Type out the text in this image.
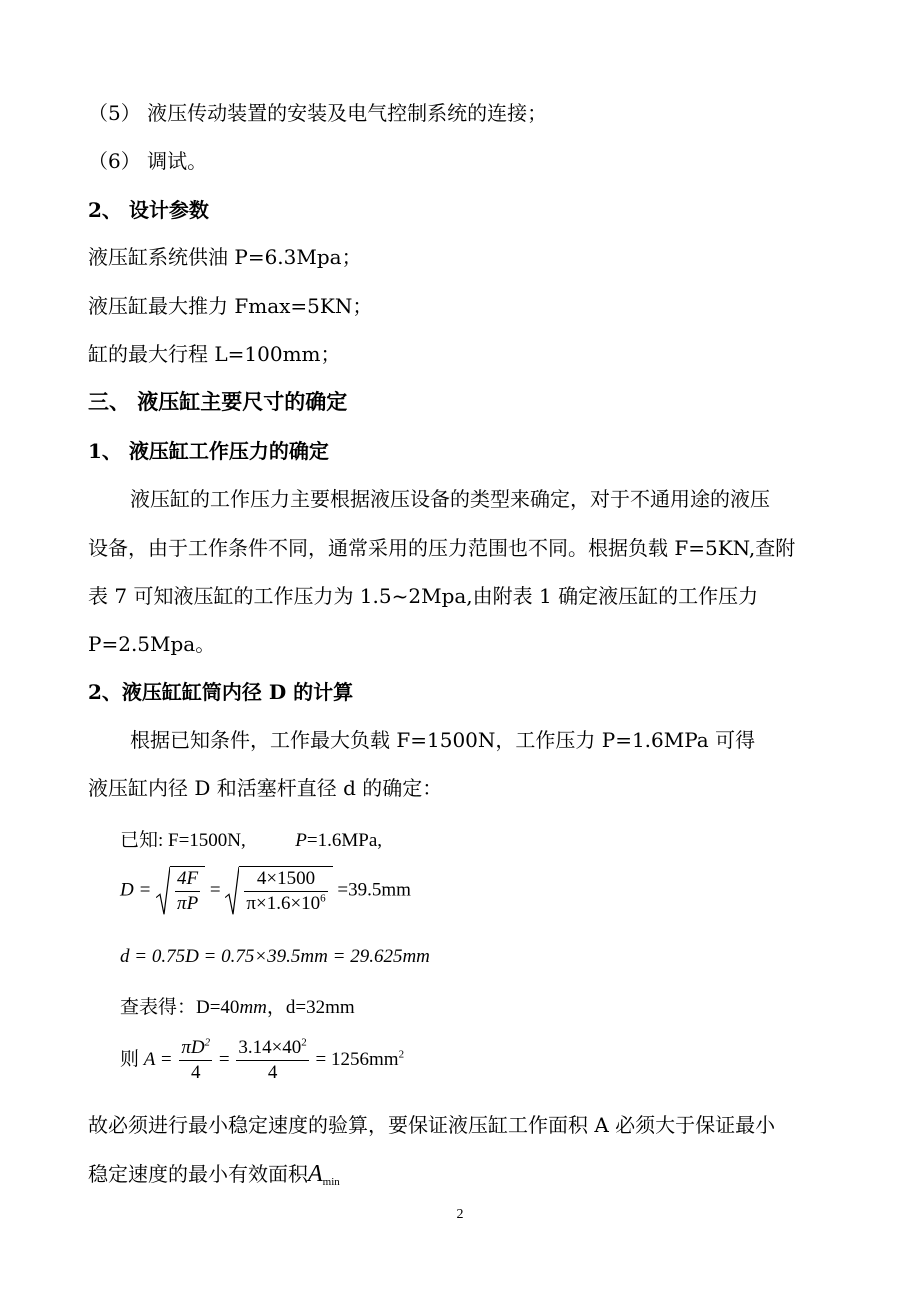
（5） 液压传动装置的安装及电气控制系统的连接；
（6） 调试。
2、 设计参数
液压缸系统供油 P=6.3Mpa；
液压缸最大推力 Fmax=5KN；
缸的最大行程 L=100mm；
三、 液压缸主要尺寸的确定
1、 液压缸工作压力的确定
液压缸的工作压力主要根据液压设备的类型来确定，对于不通用途的液压
设备，由于工作条件不同，通常采用的压力范围也不同。根据负载 F=5KN,查附
表 7 可知液压缸的工作压力为 1.5~2Mpa,由附表 1 确定液压缸的工作压力
P=2.5Mpa。
2、液压缸缸筒内径 D 的计算
根据已知条件，工作最大负载 F=1500N，工作压力 P=1.6MPa 可得
液压缸内径 D 和活塞杆直径 d 的确定：
已知: F=1500N,	P=1.6MPa,
$D = \frac{4F}{\pi P} = \frac{4\times 1500}{\pi\times 1.6\times 10^6} =39.5mm$
d = 0.75D = 0.75×39.5mm = 29.625mm
查表得：D=40mm，d=32mm
则 $A = \frac{\pi D^2}{4} = \frac{3.14\times 40^2}{4} = 1256mm^2$
故必须进行最小稳定速度的验算，要保证液压缸工作面积 A 必须大于保证最小
稳定速度的最小有效面积$A_{min}$
2
